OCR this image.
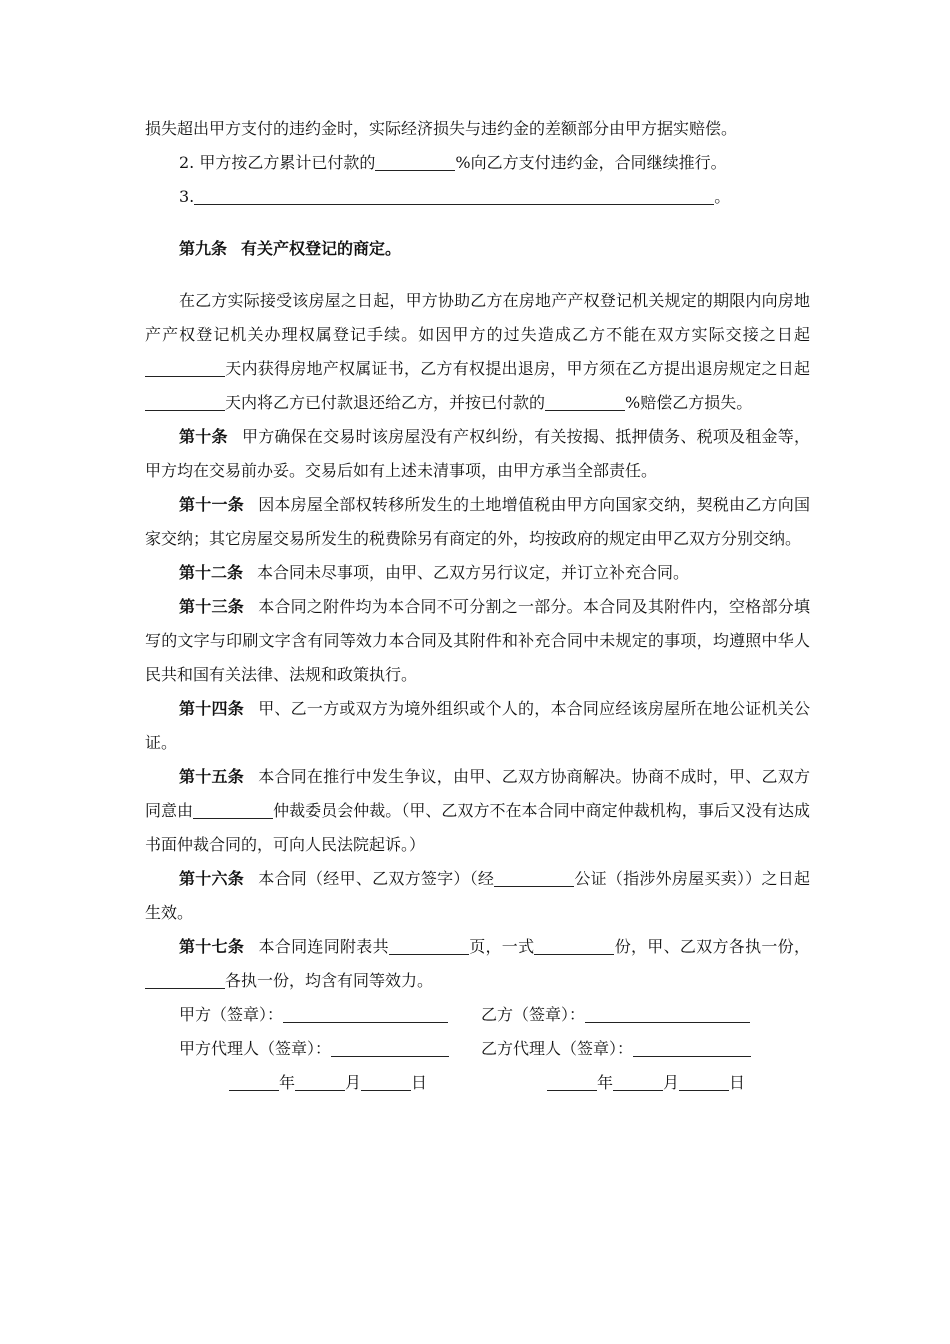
损失超出甲方支付的违约金时，实际经济损失与违约金的差额部分由甲方据实赔偿。

2. 甲方按乙方累计已付款的	%向乙方支付违约金，合同继续推行。

3.	。

第九条 有关产权登记的商定。

在乙方实际接受该房屋之日起，甲方协助乙方在房地产产权登记机关规定的期限内向房地产产权登记机关办理权属登记手续。如因甲方的过失造成乙方不能在双方实际交接之日起天内获得房地产权属证书，乙方有权提出退房，甲方须在乙方提出退房规定之日起天内将乙方已付款退还给乙方，并按已付款的	%赔偿乙方损失。

第十条 甲方确保在交易时该房屋没有产权纠纷，有关按揭、抵押债务、税项及租金等，甲方均在交易前办妥。交易后如有上述未清事项，由甲方承当全部责任。

第十一条 因本房屋全部权转移所发生的土地增值税由甲方向国家交纳，契税由乙方向国家交纳；其它房屋交易所发生的税费除另有商定的外，均按政府的规定由甲乙双方分别交纳。

第十二条 本合同未尽事项，由甲、乙双方另行议定，并订立补充合同。

第十三条 本合同之附件均为本合同不可分割之一部分。本合同及其附件内，空格部分填写的文字与印刷文字含有同等效力本合同及其附件和补充合同中未规定的事项，均遵照中华人民共和国有关法律、法规和政策执行。

第十四条 甲、乙一方或双方为境外组织或个人的，本合同应经该房屋所在地公证机关公证。

第十五条 本合同在推行中发生争议，由甲、乙双方协商解决。协商不成时，甲、乙双方同意由	仲裁委员会仲裁。（甲、乙双方不在本合同中商定仲裁机构，事后又没有达成书面仲裁合同的，可向人民法院起诉。）

第十六条 本合同（经甲、乙双方签字）（经	公证（指涉外房屋买卖））之日起生效。

第十七条 本合同连同附表共	页，一式	份，甲、乙双方各执一份，各执一份，均含有同等效力。

甲方（签章）：	乙方（签章）：
甲方代理人（签章）：	乙方代理人（签章）：
年	月	日	年	月	日
